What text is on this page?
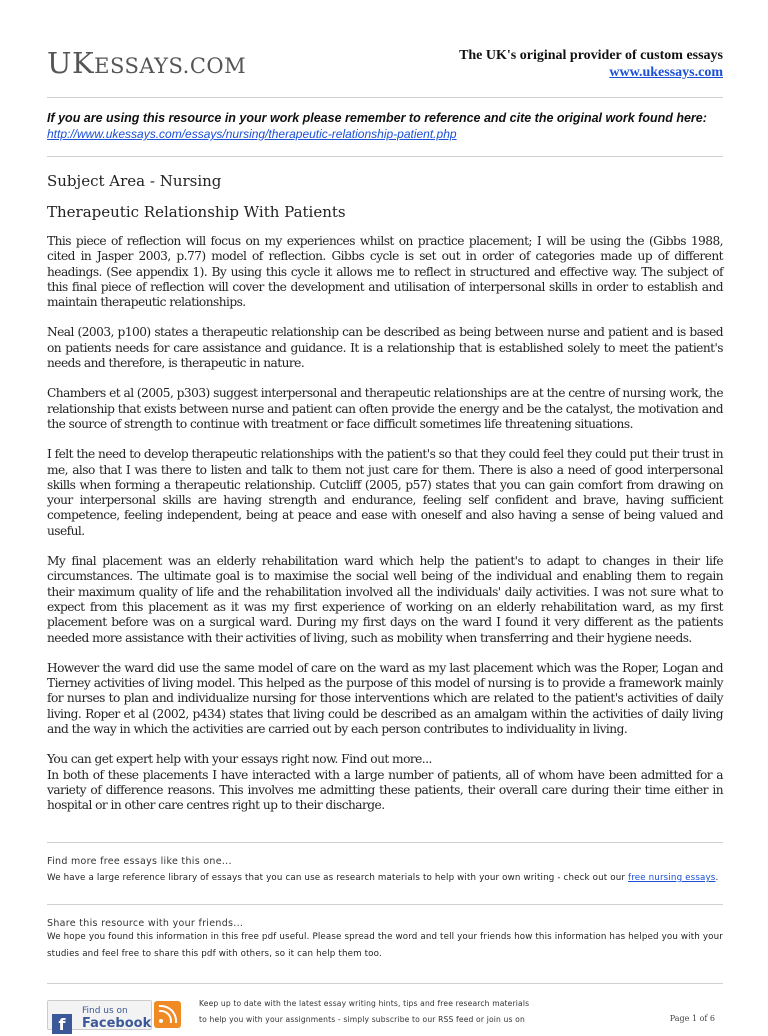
UKESSAYS.COM	The UK's original provider of custom essays
www.ukessays.com
If you are using this resource in your work please remember to reference and cite the original work found here:
http://www.ukessays.com/essays/nursing/therapeutic-relationship-patient.php
Subject Area - Nursing
Therapeutic Relationship With Patients

This piece of reflection will focus on my experiences whilst on practice placement; I will be using the (Gibbs 1988, cited in Jasper 2003, p.77) model of reflection. Gibbs cycle is set out in order of categories made up of different headings. (See appendix 1). By using this cycle it allows me to reflect in structured and effective way. The subject of this final piece of reflection will cover the development and utilisation of interpersonal skills in order to establish and maintain therapeutic relationships.

Neal (2003, p100) states a therapeutic relationship can be described as being between nurse and patient and is based on patients needs for care assistance and guidance. It is a relationship that is established solely to meet the patient's needs and therefore, is therapeutic in nature.

Chambers et al (2005, p303) suggest interpersonal and therapeutic relationships are at the centre of nursing work, the relationship that exists between nurse and patient can often provide the energy and be the catalyst, the motivation and the source of strength to continue with treatment or face difficult sometimes life threatening situations.

I felt the need to develop therapeutic relationships with the patient's so that they could feel they could put their trust in me, also that I was there to listen and talk to them not just care for them. There is also a need of good interpersonal skills when forming a therapeutic relationship. Cutcliff (2005, p57) states that you can gain comfort from drawing on your interpersonal skills are having strength and endurance, feeling self confident and brave, having sufficient competence, feeling independent, being at peace and ease with oneself and also having a sense of being valued and useful.

My final placement was an elderly rehabilitation ward which help the patient's to adapt to changes in their life circumstances. The ultimate goal is to maximise the social well being of the individual and enabling them to regain their maximum quality of life and the rehabilitation involved all the individuals' daily activities. I was not sure what to expect from this placement as it was my first experience of working on an elderly rehabilitation ward, as my first placement before was on a surgical ward. During my first days on the ward I found it very different as the patients needed more assistance with their activities of living, such as mobility when transferring and their hygiene needs.

However the ward did use the same model of care on the ward as my last placement which was the Roper, Logan and Tierney activities of living model. This helped as the purpose of this model of nursing is to provide a framework mainly for nurses to plan and individualize nursing for those interventions which are related to the patient's activities of daily living. Roper et al (2002, p434) states that living could be described as an amalgam within the activities of daily living and the way in which the activities are carried out by each person contributes to individuality in living.

You can get expert help with your essays right now. Find out more...

In both of these placements I have interacted with a large number of patients, all of whom have been admitted for a variety of difference reasons. This involves me admitting these patients, their overall care during their time either in hospital or in other care centres right up to their discharge.

Find more free essays like this one...
We have a large reference library of essays that you can use as research materials to help with your own writing - check out our free nursing essays.
Share this resource with your friends...
We hope you found this information in this free pdf useful. Please spread the word and tell your friends how this information has helped you with your studies and feel free to share this pdf with others, so it can help them too.
f
Find us on
Facebook
Keep up to date with the latest essay writing hints, tips and free research materials
to help you with your assignments - simply subscribe to our RSS feed or join us on	Page 1 of 6
